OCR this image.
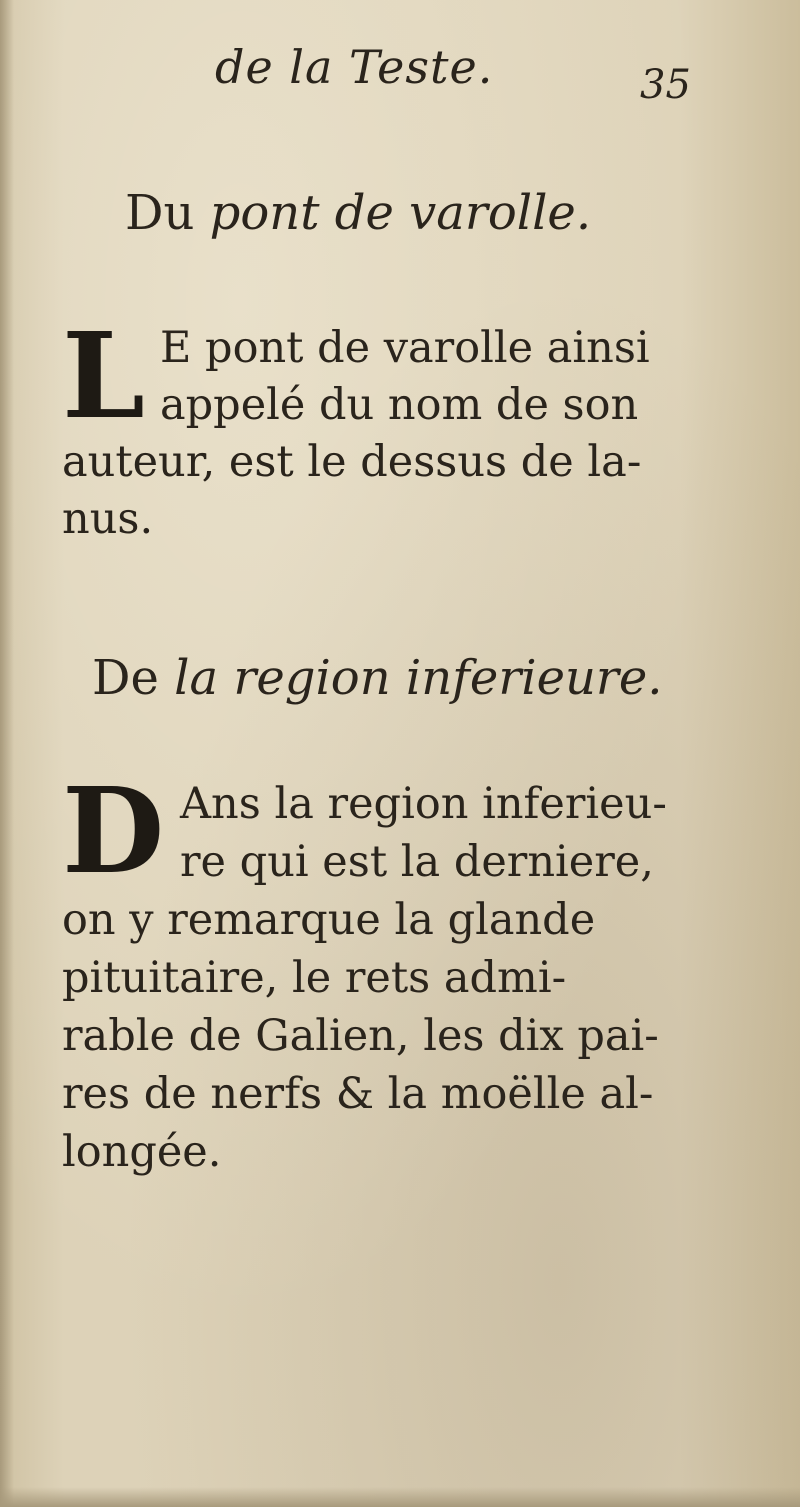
de la Teste.	35
Du pont de varolle.
L E pont de varolle ainsi
appelé du nom de son
auteur, est le dessus de la-
nus.
De la region inferieure.
D Ans la region inferieu-
re qui est la derniere,
on y remarque la glande
pituitaire, le rets admi-
rable de Galien, les dix pai-
res de nerfs & la moëlle al-
longée.
